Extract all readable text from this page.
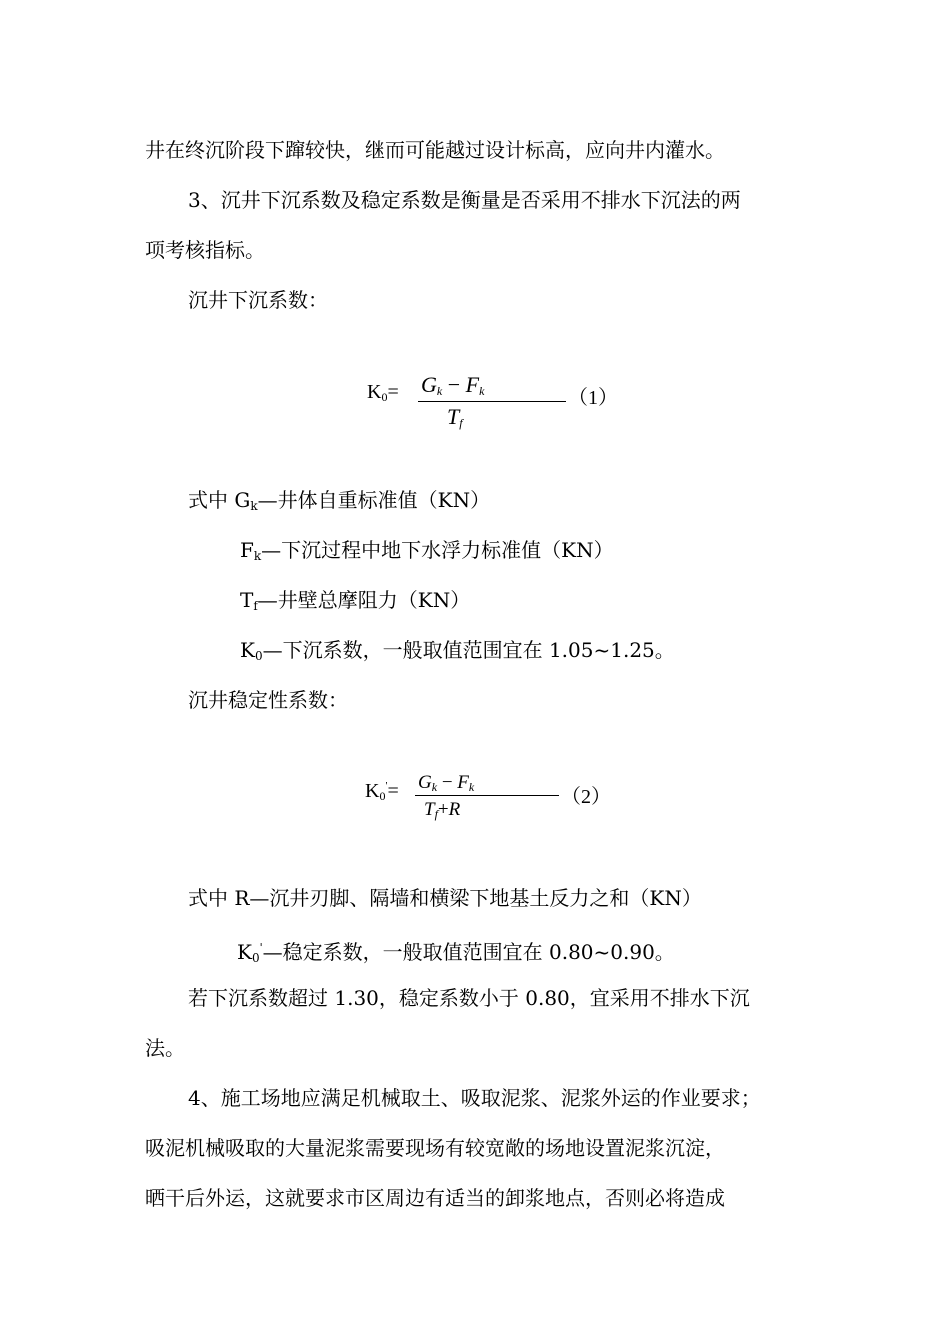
井在终沉阶段下蹿较快，继而可能越过设计标高，应向井内灌水。
3、沉井下沉系数及稳定系数是衡量是否采用不排水下沉法的两
项考核指标。
沉井下沉系数：
$K_0= G_k - F_k$
$T_f$
（1）
式中 $G_k—$井体自重标准值（KN）
$F_k—$下沉过程中地下水浮力标准值（KN）
$T_f—$井壁总摩阻力（KN）
$K_0—$下沉系数，一般取值范围宜在 1.05~1.25。
沉井稳定性系数：
$K_0'= G_k - F_k$
$T_f+R$
（2）
式中 R—沉井刃脚、隔墙和横梁下地基土反力之和（KN）
$K_0'—$稳定系数，一般取值范围宜在 0.80~0.90。
若下沉系数超过 1.30，稳定系数小于 0.80，宜采用不排水下沉
法。
4、施工场地应满足机械取土、吸取泥浆、泥浆外运的作业要求；
吸泥机械吸取的大量泥浆需要现场有较宽敞的场地设置泥浆沉淀，
晒干后外运，这就要求市区周边有适当的卸浆地点，否则必将造成
